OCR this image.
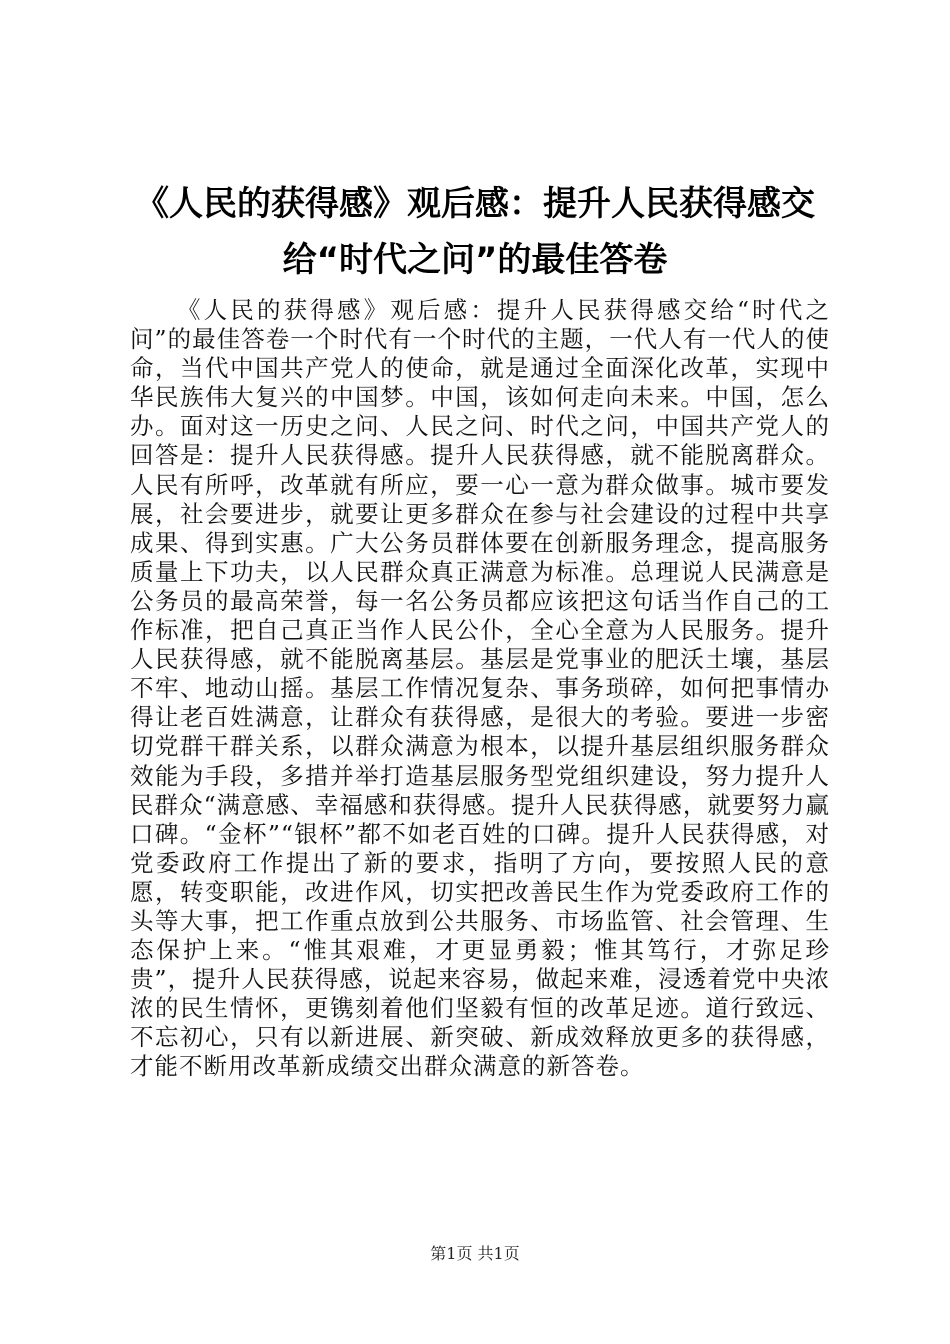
《人民的获得感》观后感：提升人民获得感交
给“时代之问”的最佳答卷

《人民的获得感》观后感：提升人民获得感交给“时代之问”的最佳答卷一个时代有一个时代的主题，一代人有一代人的使命，当代中国共产党人的使命，就是通过全面深化改革，实现中华民族伟大复兴的中国梦。中国，该如何走向未来。中国，怎么办。面对这一历史之问、人民之问、时代之问，中国共产党人的回答是：提升人民获得感。提升人民获得感，就不能脱离群众。人民有所呼，改革就有所应，要一心一意为群众做事。城市要发展，社会要进步，就要让更多群众在参与社会建设的过程中共享成果、得到实惠。广大公务员群体要在创新服务理念，提高服务质量上下功夫，以人民群众真正满意为标准。总理说人民满意是公务员的最高荣誉，每一名公务员都应该把这句话当作自己的工作标准，把自己真正当作人民公仆，全心全意为人民服务。提升人民获得感，就不能脱离基层。基层是党事业的肥沃土壤，基层不牢、地动山摇。基层工作情况复杂、事务琐碎，如何把事情办得让老百姓满意，让群众有获得感，是很大的考验。要进一步密切党群干群关系，以群众满意为根本，以提升基层组织服务群众效能为手段，多措并举打造基层服务型党组织建设，努力提升人民群众“满意感、幸福感和获得感。提升人民获得感，就要努力赢口碑。“金杯”“银杯”都不如老百姓的口碑。提升人民获得感，对党委政府工作提出了新的要求，指明了方向，要按照人民的意愿，转变职能，改进作风，切实把改善民生作为党委政府工作的头等大事，把工作重点放到公共服务、市场监管、社会管理、生态保护上来。“惟其艰难，才更显勇毅；惟其笃行，才弥足珍贵”，提升人民获得感，说起来容易，做起来难，浸透着党中央浓浓的民生情怀，更镌刻着他们坚毅有恒的改革足迹。道行致远、不忘初心，只有以新进展、新突破、新成效释放更多的获得感，才能不断用改革新成绩交出群众满意的新答卷。

第1页 共1页
